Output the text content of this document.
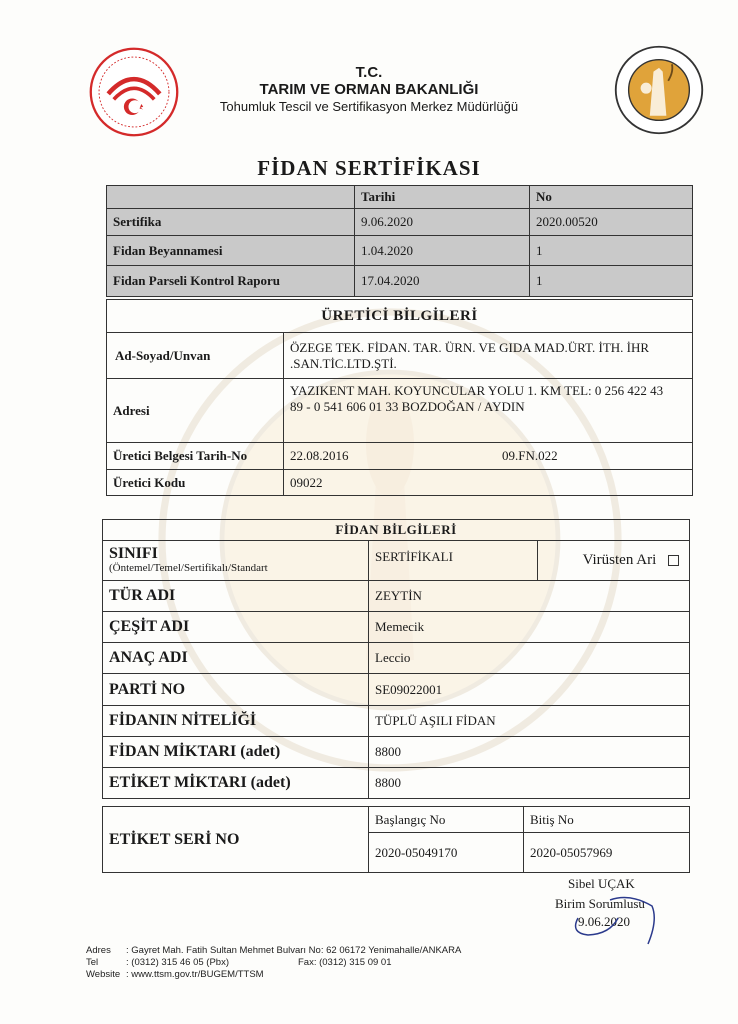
T.C.
TARIM VE ORMAN BAKANLIĞI
Tohumluk Tescil ve Sertifikasyon Merkez Müdürlüğü
FİDAN SERTİFİKASI
	Tarihi	No
Sertifika	9.06.2020	2020.00520
Fidan Beyannamesi	1.04.2020	1
Fidan Parseli Kontrol Raporu	17.04.2020	1
ÜRETİCİ BİLGİLERİ		
Ad-Soyad/Unvan	ÖZEGE TEK. FİDAN. TAR. ÜRN. VE GIDA MAD.ÜRT. İTH. İHR
.SAN.TİC.LTD.ŞTİ.	

Adresi	YAZIKENT MAH. KOYUNCULAR YOLU 1. KM TEL: 0 256 422 43
89 - 0 541 606 01 33 BOZDOĞAN / AYDIN	

Üretici Belgesi Tarih-No	22.08.2016	09.FN.022
Üretici Kodu	09022	
FİDAN BİLGİLERİ		

SINIFI
(Öntemel/Temel/Sertifikalı/Standart	SERTİFİKALI	Virüsten Ari
TÜR ADI	ZEYTİN	
ÇEŞİT ADI	Memecik	
ANAÇ ADI	Leccio	
PARTİ NO	SE09022001	
FİDANIN NİTELİĞİ	TÜPLÜ AŞILI FİDAN	
FİDAN MİKTARI (adet)	8800	
ETİKET MİKTARI (adet)	8800	
ETİKET SERİ NO	Başlangıç No	Bitiş No
	2020-05049170	2020-05057969
Sibel UÇAK
Birim Sorumlusu
9.06.2020
Adres : Gayret Mah. Fatih Sultan Mehmet Bulvarı No: 62 06172 Yenimahalle/ANKARA
Tel	: (0312) 315 46 05 (Pbx)	Fax: (0312) 315 09 01
Website : www.ttsm.gov.tr/BUGEM/TTSM
